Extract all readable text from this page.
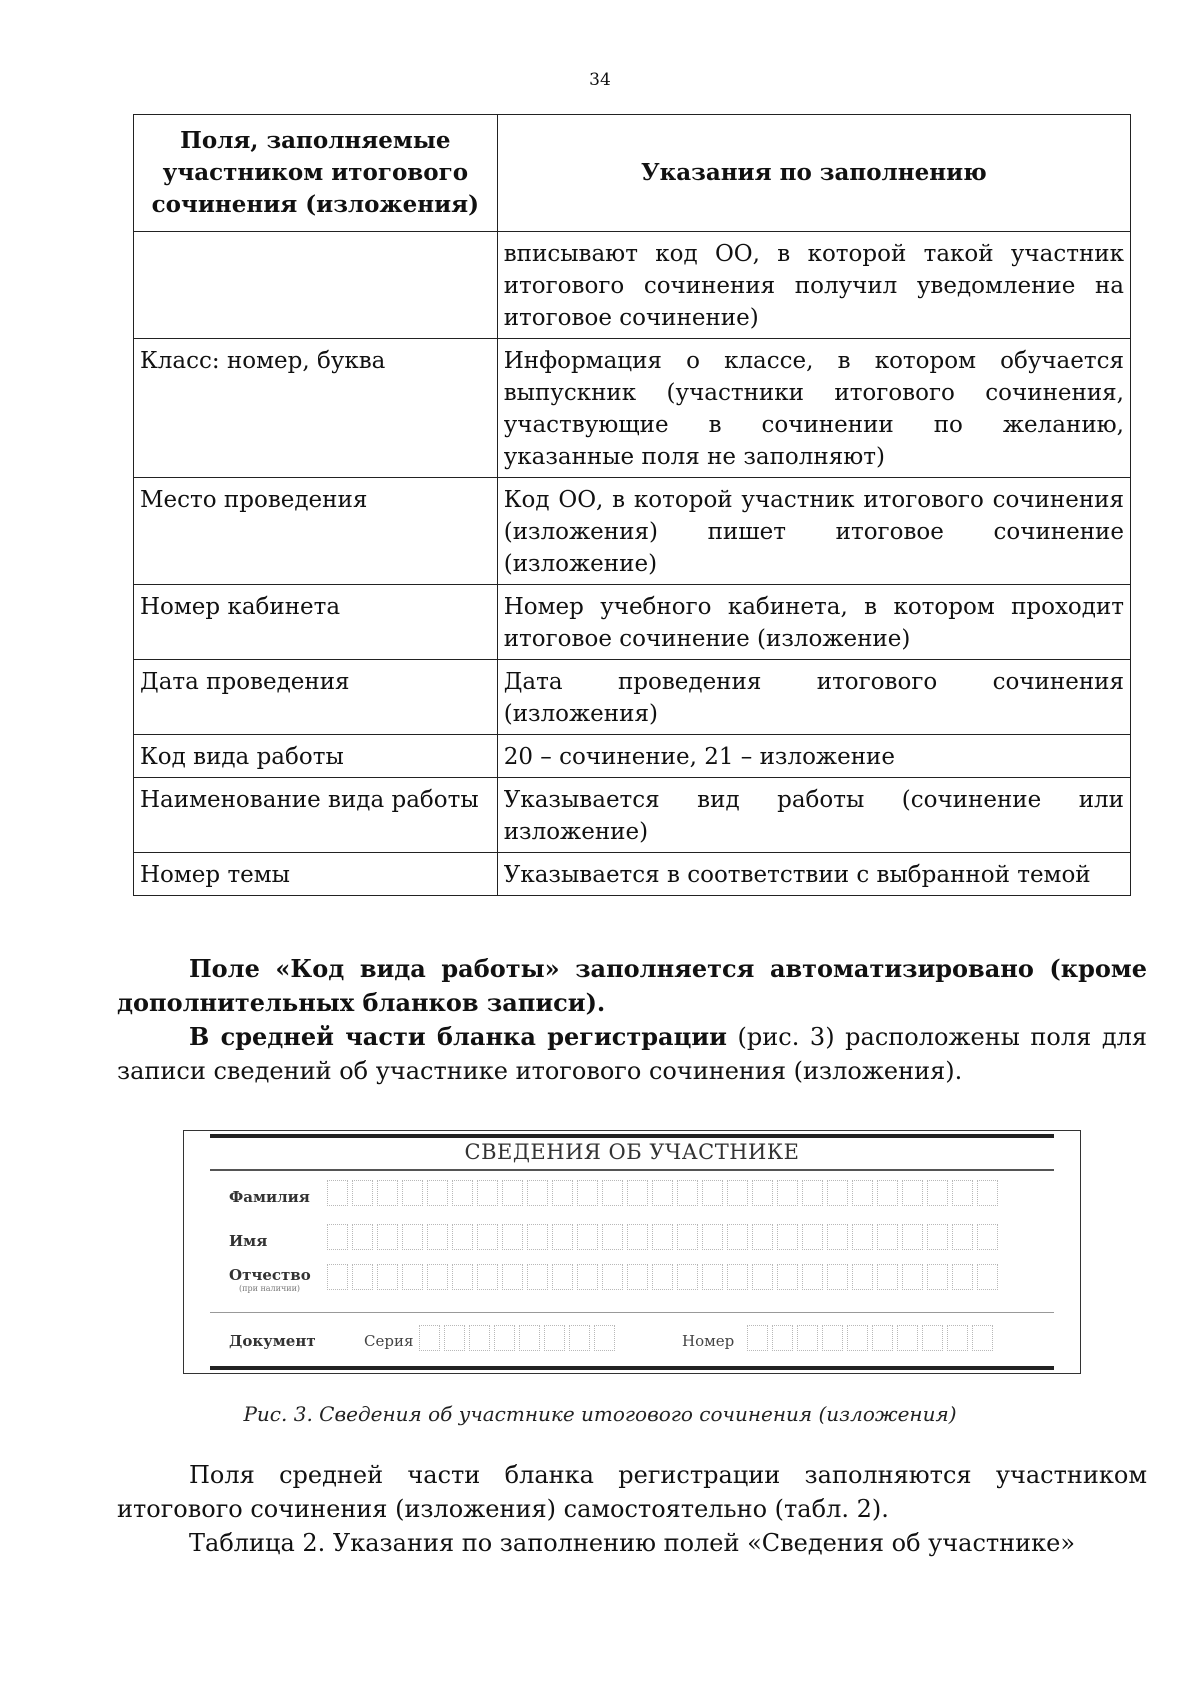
34
Поля, заполняемые участником итогового сочинения (изложения)	Указания по заполнению
	вписывают код ОО, в которой такой участник итогового сочинения получил уведомление на итоговое сочинение)
Класс: номер, буква	Информация о классе, в котором обучается выпускник (участники итогового сочинения, участвующие в сочинении по желанию, указанные поля не заполняют)
Место проведения	Код ОО, в которой участник итогового сочинения (изложения) пишет итоговое сочинение (изложение)
Номер кабинета	Номер учебного кабинета, в котором проходит итоговое сочинение (изложение)
Дата проведения	Дата проведения итогового сочинения (изложения)
Код вида работы	20 – сочинение, 21 – изложение
Наименование вида работы	Указывается вид работы (сочинение или изложение)
Номер темы	Указывается в соответствии с выбранной темой
Поле «Код вида работы» заполняется автоматизировано (кроме дополнительных бланков записи).
В средней части бланка регистрации (рис. 3) расположены поля для записи сведений об участнике итогового сочинения (изложения).
СВЕДЕНИЯ ОБ УЧАСТНИКЕ
Фамилия
Имя
Отчество
(при наличии)
Документ	Серия	Номер
Рис. 3. Сведения об участнике итогового сочинения (изложения)
Поля средней части бланка регистрации заполняются участником итогового сочинения (изложения) самостоятельно (табл. 2).
Таблица 2. Указания по заполнению полей «Сведения об участнике»
